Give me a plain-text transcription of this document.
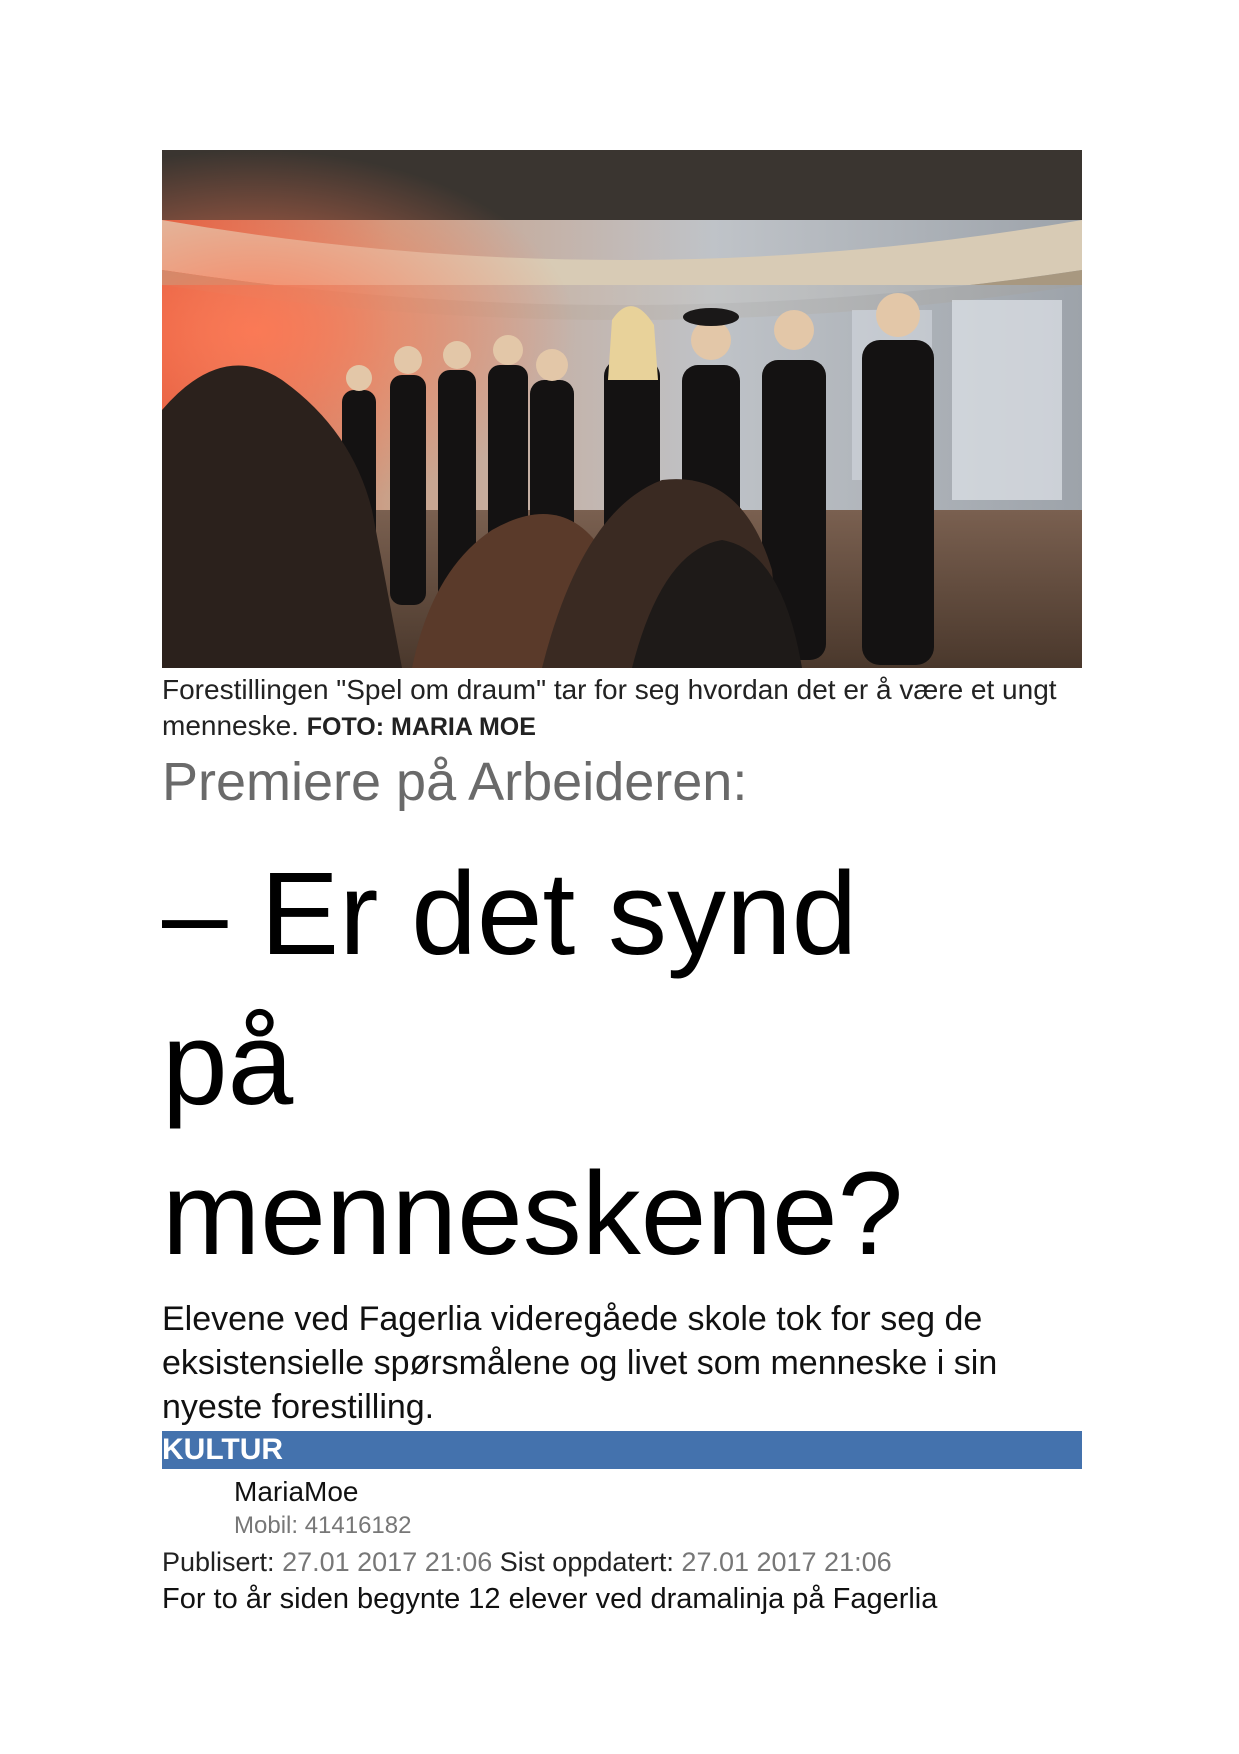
Forestillingen "Spel om draum" tar for seg hvordan det er å være et ungt menneske. FOTO: MARIA MOE
Premiere på Arbeideren:
– Er det synd på menneskene?
Elevene ved Fagerlia videregåede skole tok for seg de eksistensielle spørsmålene og livet som menneske i sin nyeste forestilling.
KULTUR
MariaMoe
Mobil: 41416182
Publisert: 27.01 2017 21:06 Sist oppdatert: 27.01 2017 21:06
For to år siden begynte 12 elever ved dramalinja på Fagerlia
